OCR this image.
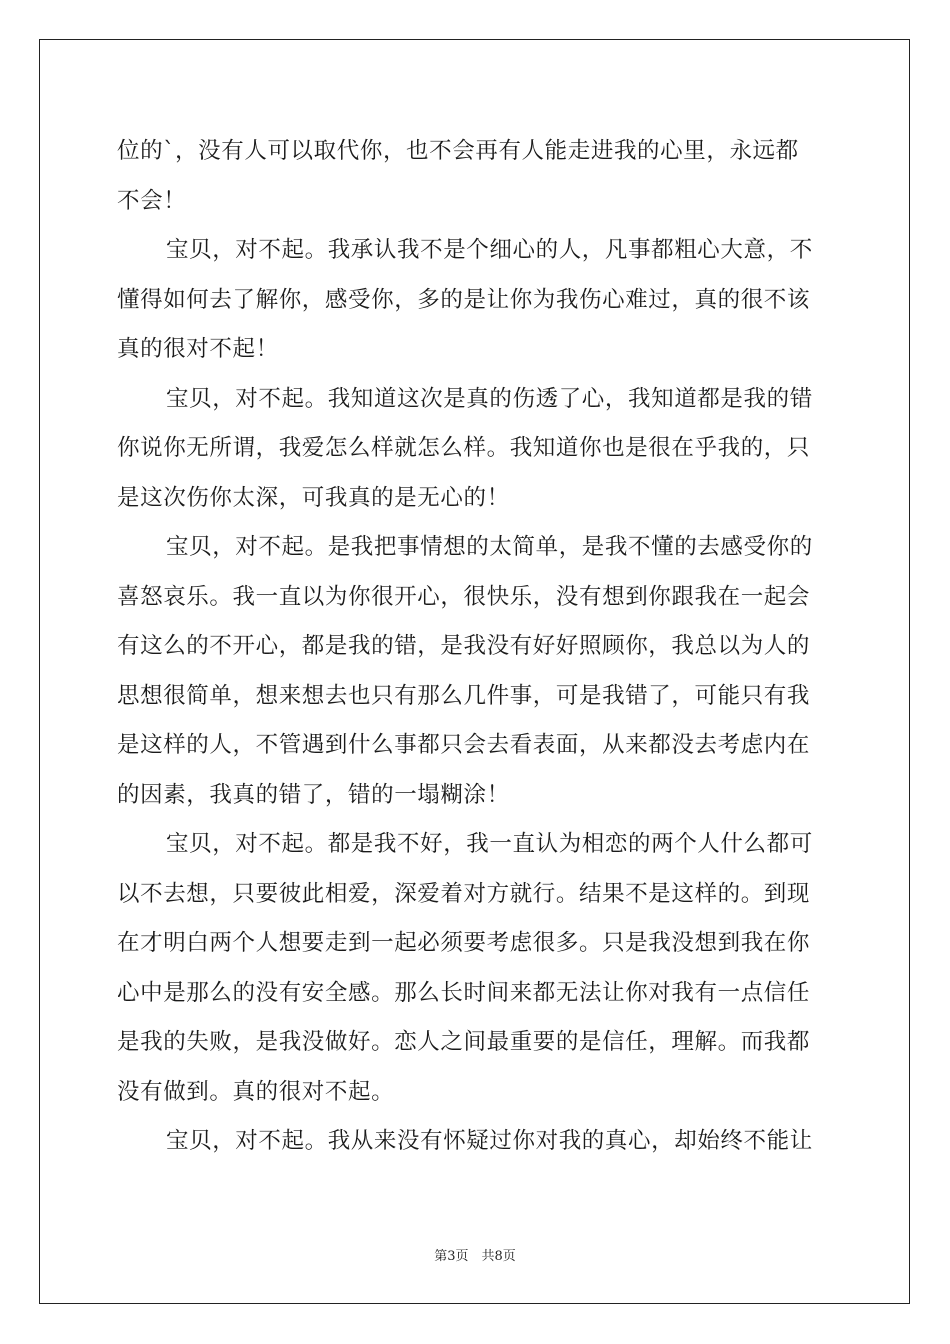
位的`，没有人可以取代你，也不会再有人能走进我的心里，永远都
不会！
宝贝，对不起。我承认我不是个细心的人，凡事都粗心大意，不
懂得如何去了解你，感受你，多的是让你为我伤心难过，真的很不该
真的很对不起！
宝贝，对不起。我知道这次是真的伤透了心，我知道都是我的错
你说你无所谓，我爱怎么样就怎么样。我知道你也是很在乎我的，只
是这次伤你太深，可我真的是无心的！
宝贝，对不起。是我把事情想的太简单，是我不懂的去感受你的
喜怒哀乐。我一直以为你很开心，很快乐，没有想到你跟我在一起会
有这么的不开心，都是我的错，是我没有好好照顾你，我总以为人的
思想很简单，想来想去也只有那么几件事，可是我错了，可能只有我
是这样的人，不管遇到什么事都只会去看表面，从来都没去考虑内在
的因素，我真的错了，错的一塌糊涂！
宝贝，对不起。都是我不好，我一直认为相恋的两个人什么都可
以不去想，只要彼此相爱，深爱着对方就行。结果不是这样的。到现
在才明白两个人想要走到一起必须要考虑很多。只是我没想到我在你
心中是那么的没有安全感。那么长时间来都无法让你对我有一点信任
是我的失败，是我没做好。恋人之间最重要的是信任，理解。而我都
没有做到。真的很对不起。
宝贝，对不起。我从来没有怀疑过你对我的真心，却始终不能让
第3页　共8页
